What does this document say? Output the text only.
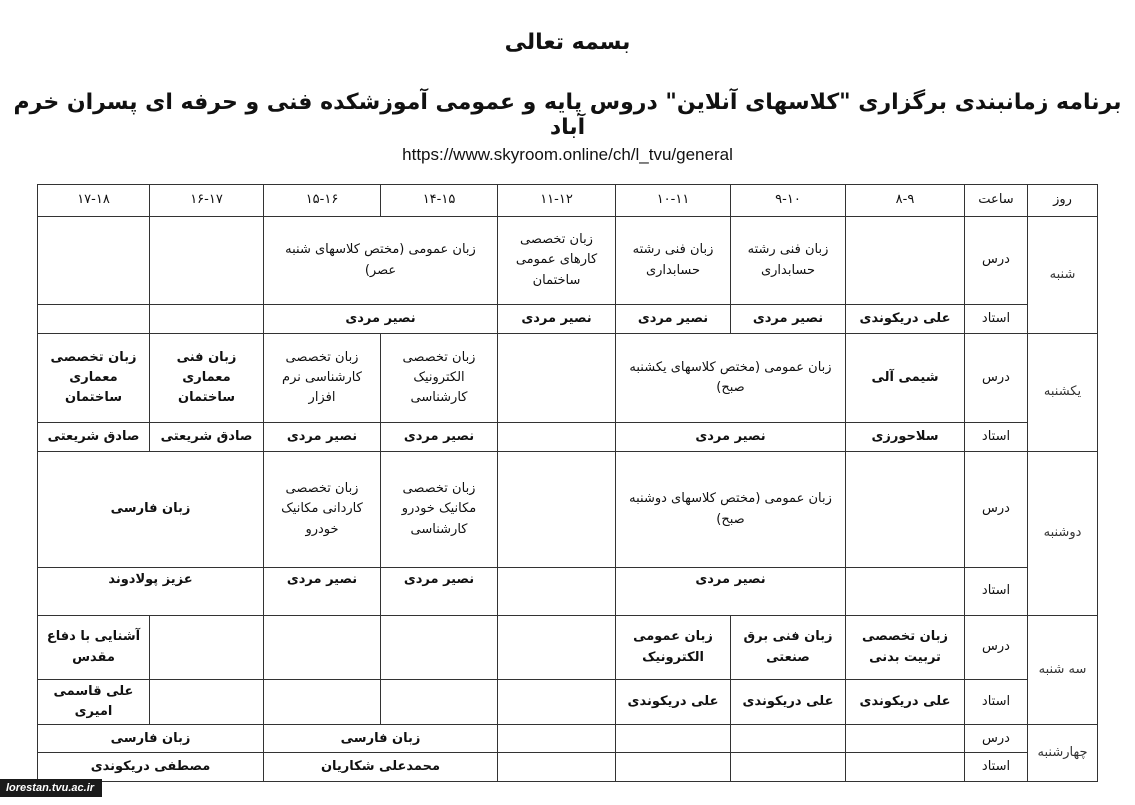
بسمه تعالی
برنامه زمانبندی برگزاری "کلاسهای آنلاین" دروس پایه و عمومی آموزشکده فنی و حرفه ای پسران خرم آباد
https://www.skyroom.online/ch/l_tvu/general
روز	ساعت	۸-۹	۹-۱۰	۱۰-۱۱	۱۱-۱۲	۱۴-۱۵	۱۵-۱۶	۱۶-۱۷	۱۷-۱۸
شنبه	درس		زبان فنی رشته حسابداری	زبان فنی رشته حسابداری	زبان تخصصی کارهای عمومی ساختمان	زبان عمومی (مختص کلاسهای شنبه عصر)			
	استاد	علی دریکوندی	نصیر مردی	نصیر مردی	نصیر مردی	نصیر مردی			
یکشنبه	درس	شیمی آلی	زبان عمومی (مختص کلاسهای یکشنبه صبح)			زبان تخصصی الکترونیک کارشناسی	زبان تخصصی کارشناسی نرم افزار	زبان فنی معماری ساختمان	زبان تخصصی معماری ساختمان
	استاد	سلاحورزی	نصیر مردی			نصیر مردی	نصیر مردی	صادق شریعتی	صادق شریعتی
دوشنبه	درس		زبان عمومی (مختص کلاسهای دوشنبه صبح)			زبان تخصصی مکانیک خودرو کارشناسی	زبان تخصصی کاردانی مکانیک خودرو	زبان فارسی	
	استاد		نصیر مردی			نصیر مردی	نصیر مردی	عزیز پولادوند	
سه شنبه	درس	زبان تخصصی تربیت بدنی	زبان فنی برق صنعتی	زبان عمومی الکترونیک					آشنایی با دفاع مقدس
	استاد	علی دریکوندی	علی دریکوندی	علی دریکوندی					علی قاسمی امیری
چهارشنبه	درس					زبان فارسی		زبان فارسی	
	استاد					محمدعلی شکاریان		مصطفی دریکوندی	
lorestan.tvu.ac.ir
